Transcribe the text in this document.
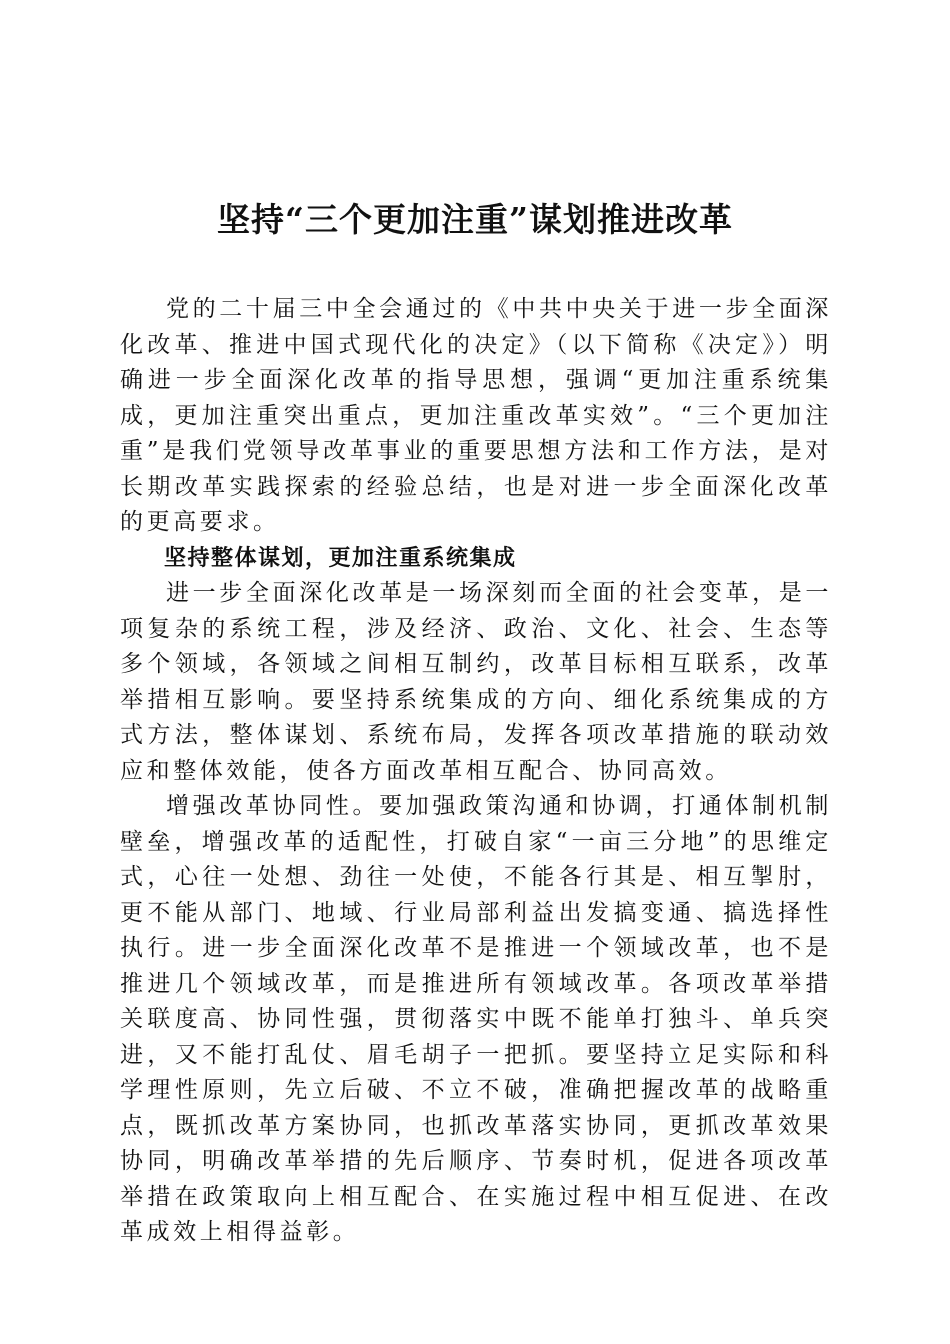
坚持“三个更加注重”谋划推进改革

党的二十届三中全会通过的《中共中央关于进一步全面深化改革、推进中国式现代化的决定》（以下简称《决定》）明确进一步全面深化改革的指导思想，强调“更加注重系统集成，更加注重突出重点，更加注重改革实效”。“三个更加注重”是我们党领导改革事业的重要思想方法和工作方法，是对长期改革实践探索的经验总结，也是对进一步全面深化改革的更高要求。

坚持整体谋划，更加注重系统集成

进一步全面深化改革是一场深刻而全面的社会变革，是一项复杂的系统工程，涉及经济、政治、文化、社会、生态等多个领域，各领域之间相互制约，改革目标相互联系，改革举措相互影响。要坚持系统集成的方向、细化系统集成的方式方法，整体谋划、系统布局，发挥各项改革措施的联动效应和整体效能，使各方面改革相互配合、协同高效。

增强改革协同性。要加强政策沟通和协调，打通体制机制壁垒，增强改革的适配性，打破自家“一亩三分地”的思维定式，心往一处想、劲往一处使，不能各行其是、相互掣肘，更不能从部门、地域、行业局部利益出发搞变通、搞选择性执行。进一步全面深化改革不是推进一个领域改革，也不是推进几个领域改革，而是推进所有领域改革。各项改革举措关联度高、协同性强，贯彻落实中既不能单打独斗、单兵突进，又不能打乱仗、眉毛胡子一把抓。要坚持立足实际和科学理性原则，先立后破、不立不破，准确把握改革的战略重点，既抓改革方案协同，也抓改革落实协同，更抓改革效果协同，明确改革举措的先后顺序、节奏时机，促进各项改革举措在政策取向上相互配合、在实施过程中相互促进、在改革成效上相得益彰。
